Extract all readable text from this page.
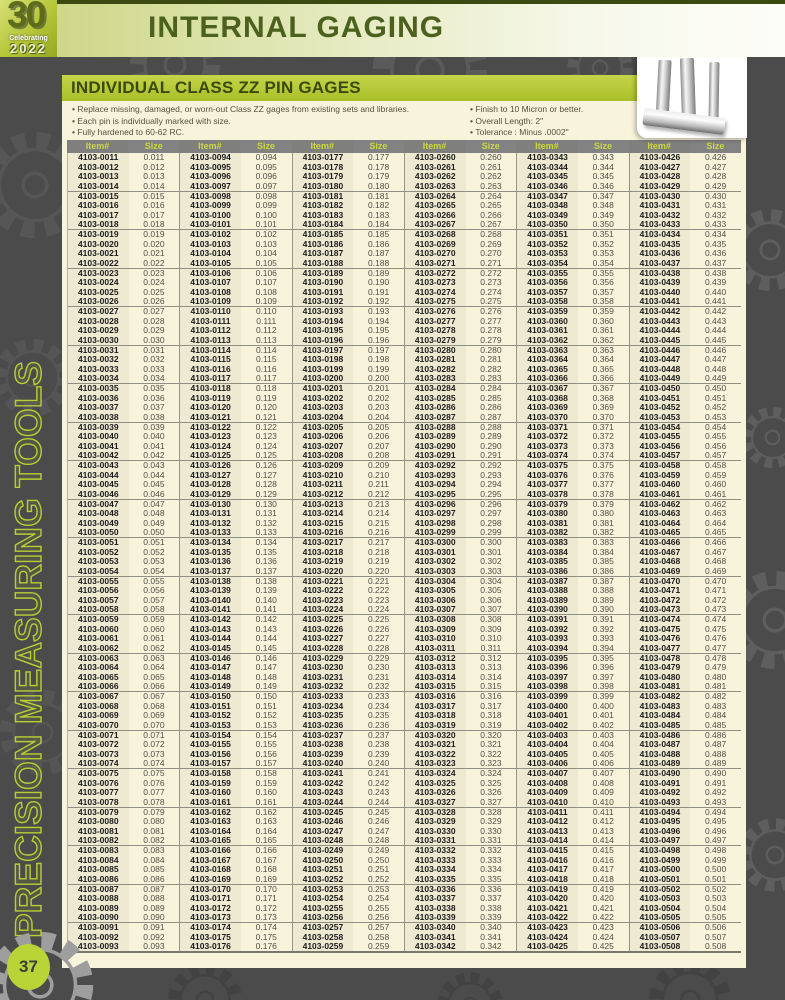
PRECISION MEASURING TOOLS
37
INTERNAL GAGING
30
Celebrating
2022
INDIVIDUAL CLASS ZZ PIN GAGES
• Replace missing, damaged, or worn-out Class ZZ gages from existing sets and libraries.
• Each pin is individually marked with size.
• Fully hardened to 60-62 RC.
• Finish to 10 Micron or better.
• Overall Length: 2"
• Tolerance : Minus .0002"
Item#	Size	Item#	Size	Item#	Size	Item#	Size	Item#	Size	Item#	Size
4103-0011	0.011	4103-0094	0.094	4103-0177	0.177	4103-0260	0.260	4103-0343	0.343	4103-0426	0.426
4103-0012	0.012	4103-0095	0.095	4103-0178	0.178	4103-0261	0.261	4103-0344	0.344	4103-0427	0.427
4103-0013	0.013	4103-0096	0.096	4103-0179	0.179	4103-0262	0.262	4103-0345	0.345	4103-0428	0.428
4103-0014	0.014	4103-0097	0.097	4103-0180	0.180	4103-0263	0.263	4103-0346	0.346	4103-0429	0.429
4103-0015	0.015	4103-0098	0.098	4103-0181	0.181	4103-0264	0.264	4103-0347	0.347	4103-0430	0.430
4103-0016	0.016	4103-0099	0.099	4103-0182	0.182	4103-0265	0.265	4103-0348	0.348	4103-0431	0.431
4103-0017	0.017	4103-0100	0.100	4103-0183	0.183	4103-0266	0.266	4103-0349	0.349	4103-0432	0.432
4103-0018	0.018	4103-0101	0.101	4103-0184	0.184	4103-0267	0.267	4103-0350	0.350	4103-0433	0.433
4103-0019	0.019	4103-0102	0.102	4103-0185	0.185	4103-0268	0.268	4103-0351	0.351	4103-0434	0.434
4103-0020	0.020	4103-0103	0.103	4103-0186	0.186	4103-0269	0.269	4103-0352	0.352	4103-0435	0.435
4103-0021	0.021	4103-0104	0.104	4103-0187	0.187	4103-0270	0.270	4103-0353	0.353	4103-0436	0.436
4103-0022	0.022	4103-0105	0.105	4103-0188	0.188	4103-0271	0.271	4103-0354	0.354	4103-0437	0.437
4103-0023	0.023	4103-0106	0.106	4103-0189	0.189	4103-0272	0.272	4103-0355	0.355	4103-0438	0.438
4103-0024	0.024	4103-0107	0.107	4103-0190	0.190	4103-0273	0.273	4103-0356	0.356	4103-0439	0.439
4103-0025	0.025	4103-0108	0.108	4103-0191	0.191	4103-0274	0.274	4103-0357	0.357	4103-0440	0.440
4103-0026	0.026	4103-0109	0.109	4103-0192	0.192	4103-0275	0.275	4103-0358	0.358	4103-0441	0.441
4103-0027	0.027	4103-0110	0.110	4103-0193	0.193	4103-0276	0.276	4103-0359	0.359	4103-0442	0.442
4103-0028	0.028	4103-0111	0.111	4103-0194	0.194	4103-0277	0.277	4103-0360	0.360	4103-0443	0.443
4103-0029	0.029	4103-0112	0.112	4103-0195	0.195	4103-0278	0.278	4103-0361	0.361	4103-0444	0.444
4103-0030	0.030	4103-0113	0.113	4103-0196	0.196	4103-0279	0.279	4103-0362	0.362	4103-0445	0.445
4103-0031	0.031	4103-0114	0.114	4103-0197	0.197	4103-0280	0.280	4103-0363	0.363	4103-0446	0.446
4103-0032	0.032	4103-0115	0.115	4103-0198	0.198	4103-0281	0.281	4103-0364	0.364	4103-0447	0.447
4103-0033	0.033	4103-0116	0.116	4103-0199	0.199	4103-0282	0.282	4103-0365	0.365	4103-0448	0.448
4103-0034	0.034	4103-0117	0.117	4103-0200	0.200	4103-0283	0.283	4103-0366	0.366	4103-0449	0.449
4103-0035	0.035	4103-0118	0.118	4103-0201	0.201	4103-0284	0.284	4103-0367	0.367	4103-0450	0.450
4103-0036	0.036	4103-0119	0.119	4103-0202	0.202	4103-0285	0.285	4103-0368	0.368	4103-0451	0.451
4103-0037	0.037	4103-0120	0.120	4103-0203	0.203	4103-0286	0.286	4103-0369	0.369	4103-0452	0.452
4103-0038	0.038	4103-0121	0.121	4103-0204	0.204	4103-0287	0.287	4103-0370	0.370	4103-0453	0.453
4103-0039	0.039	4103-0122	0.122	4103-0205	0.205	4103-0288	0.288	4103-0371	0.371	4103-0454	0.454
4103-0040	0.040	4103-0123	0.123	4103-0206	0.206	4103-0289	0.289	4103-0372	0.372	4103-0455	0.455
4103-0041	0.041	4103-0124	0.124	4103-0207	0.207	4103-0290	0.290	4103-0373	0.373	4103-0456	0.456
4103-0042	0.042	4103-0125	0.125	4103-0208	0.208	4103-0291	0.291	4103-0374	0.374	4103-0457	0.457
4103-0043	0.043	4103-0126	0.126	4103-0209	0.209	4103-0292	0.292	4103-0375	0.375	4103-0458	0.458
4103-0044	0.044	4103-0127	0.127	4103-0210	0.210	4103-0293	0.293	4103-0376	0.376	4103-0459	0.459
4103-0045	0.045	4103-0128	0.128	4103-0211	0.211	4103-0294	0.294	4103-0377	0.377	4103-0460	0.460
4103-0046	0.046	4103-0129	0.129	4103-0212	0.212	4103-0295	0.295	4103-0378	0.378	4103-0461	0.461
4103-0047	0.047	4103-0130	0.130	4103-0213	0.213	4103-0296	0.296	4103-0379	0.379	4103-0462	0.462
4103-0048	0.048	4103-0131	0.131	4103-0214	0.214	4103-0297	0.297	4103-0380	0.380	4103-0463	0.463
4103-0049	0.049	4103-0132	0.132	4103-0215	0.215	4103-0298	0.298	4103-0381	0.381	4103-0464	0.464
4103-0050	0.050	4103-0133	0.133	4103-0216	0.216	4103-0299	0.299	4103-0382	0.382	4103-0465	0.465
4103-0051	0.051	4103-0134	0.134	4103-0217	0.217	4103-0300	0.300	4103-0383	0.383	4103-0466	0.466
4103-0052	0.052	4103-0135	0.135	4103-0218	0.218	4103-0301	0.301	4103-0384	0.384	4103-0467	0.467
4103-0053	0.053	4103-0136	0.136	4103-0219	0.219	4103-0302	0.302	4103-0385	0.385	4103-0468	0.468
4103-0054	0.054	4103-0137	0.137	4103-0220	0.220	4103-0303	0.303	4103-0386	0.386	4103-0469	0.469
4103-0055	0.055	4103-0138	0.138	4103-0221	0.221	4103-0304	0.304	4103-0387	0.387	4103-0470	0.470
4103-0056	0.056	4103-0139	0.139	4103-0222	0.222	4103-0305	0.305	4103-0388	0.388	4103-0471	0.471
4103-0057	0.057	4103-0140	0.140	4103-0223	0.223	4103-0306	0.306	4103-0389	0.389	4103-0472	0.472
4103-0058	0.058	4103-0141	0.141	4103-0224	0.224	4103-0307	0.307	4103-0390	0.390	4103-0473	0.473
4103-0059	0.059	4103-0142	0.142	4103-0225	0.225	4103-0308	0.308	4103-0391	0.391	4103-0474	0.474
4103-0060	0.060	4103-0143	0.143	4103-0226	0.226	4103-0309	0.309	4103-0392	0.392	4103-0475	0.475
4103-0061	0.061	4103-0144	0.144	4103-0227	0.227	4103-0310	0.310	4103-0393	0.393	4103-0476	0.476
4103-0062	0.062	4103-0145	0.145	4103-0228	0.228	4103-0311	0.311	4103-0394	0.394	4103-0477	0.477
4103-0063	0.063	4103-0146	0.146	4103-0229	0.229	4103-0312	0.312	4103-0395	0.395	4103-0478	0.478
4103-0064	0.064	4103-0147	0.147	4103-0230	0.230	4103-0313	0.313	4103-0396	0.396	4103-0479	0.479
4103-0065	0.065	4103-0148	0.148	4103-0231	0.231	4103-0314	0.314	4103-0397	0.397	4103-0480	0.480
4103-0066	0.066	4103-0149	0.149	4103-0232	0.232	4103-0315	0.315	4103-0398	0.398	4103-0481	0.481
4103-0067	0.067	4103-0150	0.150	4103-0233	0.233	4103-0316	0.316	4103-0399	0.399	4103-0482	0.482
4103-0068	0.068	4103-0151	0.151	4103-0234	0.234	4103-0317	0.317	4103-0400	0.400	4103-0483	0.483
4103-0069	0.069	4103-0152	0.152	4103-0235	0.235	4103-0318	0.318	4103-0401	0.401	4103-0484	0.484
4103-0070	0.070	4103-0153	0.153	4103-0236	0.236	4103-0319	0.319	4103-0402	0.402	4103-0485	0.485
4103-0071	0.071	4103-0154	0.154	4103-0237	0.237	4103-0320	0.320	4103-0403	0.403	4103-0486	0.486
4103-0072	0.072	4103-0155	0.155	4103-0238	0.238	4103-0321	0.321	4103-0404	0.404	4103-0487	0.487
4103-0073	0.073	4103-0156	0.156	4103-0239	0.239	4103-0322	0.322	4103-0405	0.405	4103-0488	0.488
4103-0074	0.074	4103-0157	0.157	4103-0240	0.240	4103-0323	0.323	4103-0406	0.406	4103-0489	0.489
4103-0075	0.075	4103-0158	0.158	4103-0241	0.241	4103-0324	0.324	4103-0407	0.407	4103-0490	0.490
4103-0076	0.076	4103-0159	0.159	4103-0242	0.242	4103-0325	0.325	4103-0408	0.408	4103-0491	0.491
4103-0077	0.077	4103-0160	0.160	4103-0243	0.243	4103-0326	0.326	4103-0409	0.409	4103-0492	0.492
4103-0078	0.078	4103-0161	0.161	4103-0244	0.244	4103-0327	0.327	4103-0410	0.410	4103-0493	0.493
4103-0079	0.079	4103-0162	0.162	4103-0245	0.245	4103-0328	0.328	4103-0411	0.411	4103-0494	0.494
4103-0080	0.080	4103-0163	0.163	4103-0246	0.246	4103-0329	0.329	4103-0412	0.412	4103-0495	0.495
4103-0081	0.081	4103-0164	0.164	4103-0247	0.247	4103-0330	0.330	4103-0413	0.413	4103-0496	0.496
4103-0082	0.082	4103-0165	0.165	4103-0248	0.248	4103-0331	0.331	4103-0414	0.414	4103-0497	0.497
4103-0083	0.083	4103-0166	0.166	4103-0249	0.249	4103-0332	0.332	4103-0415	0.415	4103-0498	0.498
4103-0084	0.084	4103-0167	0.167	4103-0250	0.250	4103-0333	0.333	4103-0416	0.416	4103-0499	0.499
4103-0085	0.085	4103-0168	0.168	4103-0251	0.251	4103-0334	0.334	4103-0417	0.417	4103-0500	0.500
4103-0086	0.086	4103-0169	0.169	4103-0252	0.252	4103-0335	0.335	4103-0418	0.418	4103-0501	0.501
4103-0087	0.087	4103-0170	0.170	4103-0253	0.253	4103-0336	0.336	4103-0419	0.419	4103-0502	0.502
4103-0088	0.088	4103-0171	0.171	4103-0254	0.254	4103-0337	0.337	4103-0420	0.420	4103-0503	0.503
4103-0089	0.089	4103-0172	0.172	4103-0255	0.255	4103-0338	0.338	4103-0421	0.421	4103-0504	0.504
4103-0090	0.090	4103-0173	0.173	4103-0256	0.256	4103-0339	0.339	4103-0422	0.422	4103-0505	0.505
4103-0091	0.091	4103-0174	0.174	4103-0257	0.257	4103-0340	0.340	4103-0423	0.423	4103-0506	0.506
4103-0092	0.092	4103-0175	0.175	4103-0258	0.258	4103-0341	0.341	4103-0424	0.424	4103-0507	0.507
4103-0093	0.093	4103-0176	0.176	4103-0259	0.259	4103-0342	0.342	4103-0425	0.425	4103-0508	0.508
